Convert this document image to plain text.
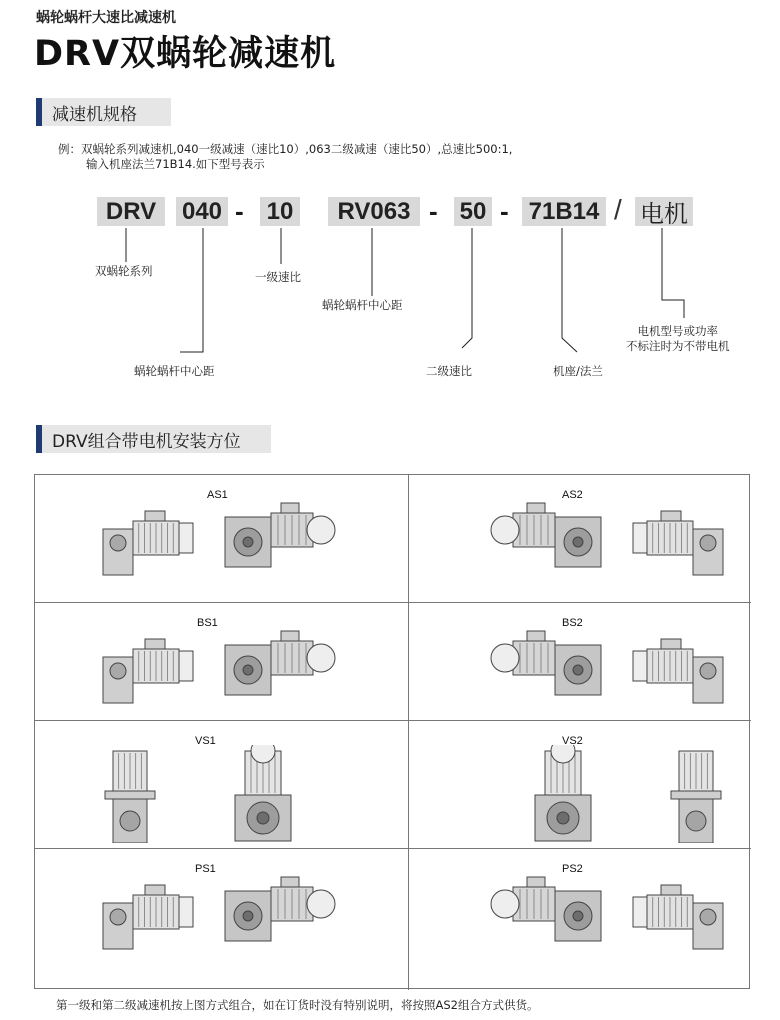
蜗轮蜗杆大速比减速机
DRV双蜗轮减速机
减速机规格
例：双蜗轮系列减速机,040一级减速（速比10）,063二级减速（速比50）,总速比500:1,
输入机座法兰71B14.如下型号表示
DRV	040 - 10	RV063 - 50 - 71B14 / 电机
双蜗轮系列
蜗轮蜗杆中心距
一级速比
蜗轮蜗杆中心距
二级速比	机座/法兰
电机型号或功率
不标注时为不带电机
DRV组合带电机安装方位
AS1	AS2
BS1	BS2
VS1	VS2
PS1	PS2
第一级和第二级减速机按上图方式组合，如在订货时没有特别说明，将按照AS2组合方式供货。
